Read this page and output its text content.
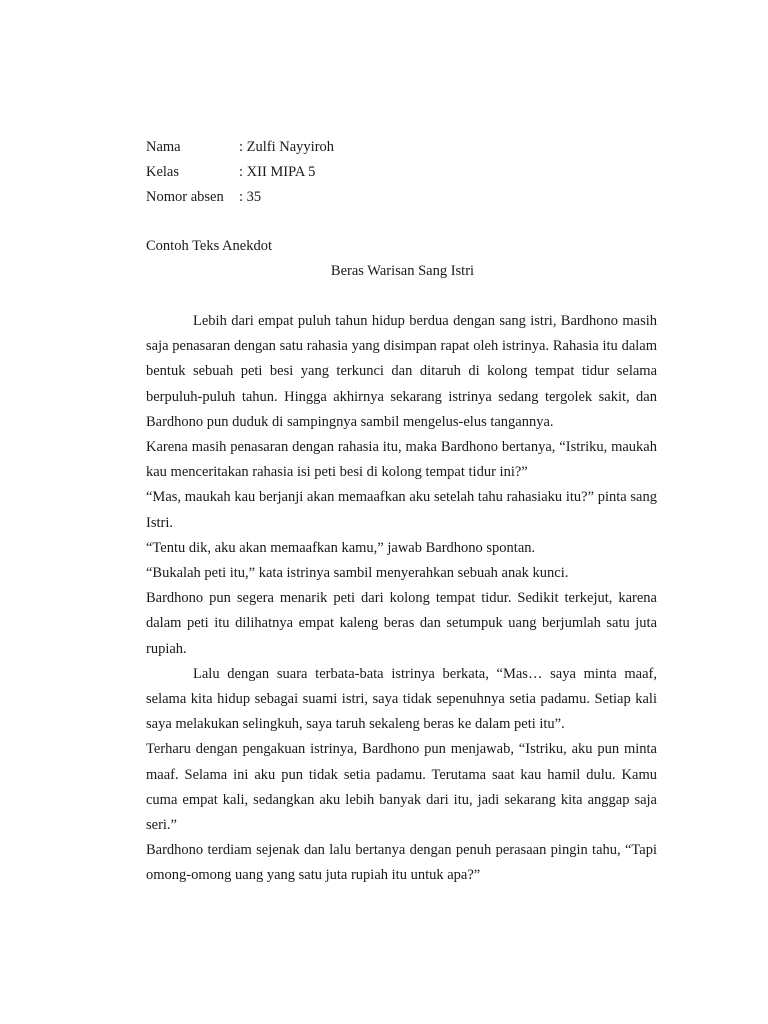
Nama	: Zulfi Nayyiroh
Kelas	: XII MIPA 5
Nomor absen	: 35
Contoh Teks Anekdot
Beras Warisan Sang Istri

Lebih dari empat puluh tahun hidup berdua dengan sang istri, Bardhono masih saja penasaran dengan satu rahasia yang disimpan rapat oleh istrinya. Rahasia itu dalam bentuk sebuah peti besi yang terkunci dan ditaruh di kolong tempat tidur selama berpuluh-puluh tahun. Hingga akhirnya sekarang istrinya sedang tergolek sakit, dan Bardhono pun duduk di sampingnya sambil mengelus-elus tangannya.

Karena masih penasaran dengan rahasia itu, maka Bardhono bertanya, “Istriku, maukah kau menceritakan rahasia isi peti besi di kolong tempat tidur ini?”

“Mas, maukah kau berjanji akan memaafkan aku setelah tahu rahasiaku itu?” pinta sang Istri.

“Tentu dik, aku akan memaafkan kamu,” jawab Bardhono spontan.

“Bukalah peti itu,” kata istrinya sambil menyerahkan sebuah anak kunci.

Bardhono pun segera menarik peti dari kolong tempat tidur. Sedikit terkejut, karena dalam peti itu dilihatnya empat kaleng beras dan setumpuk uang berjumlah satu juta rupiah.

Lalu dengan suara terbata-bata istrinya berkata, “Mas… saya minta maaf, selama kita hidup sebagai suami istri, saya tidak sepenuhnya setia padamu. Setiap kali saya melakukan selingkuh, saya taruh sekaleng beras ke dalam peti itu”.

Terharu dengan pengakuan istrinya, Bardhono pun menjawab, “Istriku, aku pun minta maaf. Selama ini aku pun tidak setia padamu. Terutama saat kau hamil dulu. Kamu cuma empat kali, sedangkan aku lebih banyak dari itu, jadi sekarang kita anggap saja seri.”

Bardhono terdiam sejenak dan lalu bertanya dengan penuh perasaan pingin tahu, “Tapi omong-omong uang yang satu juta rupiah itu untuk apa?”
